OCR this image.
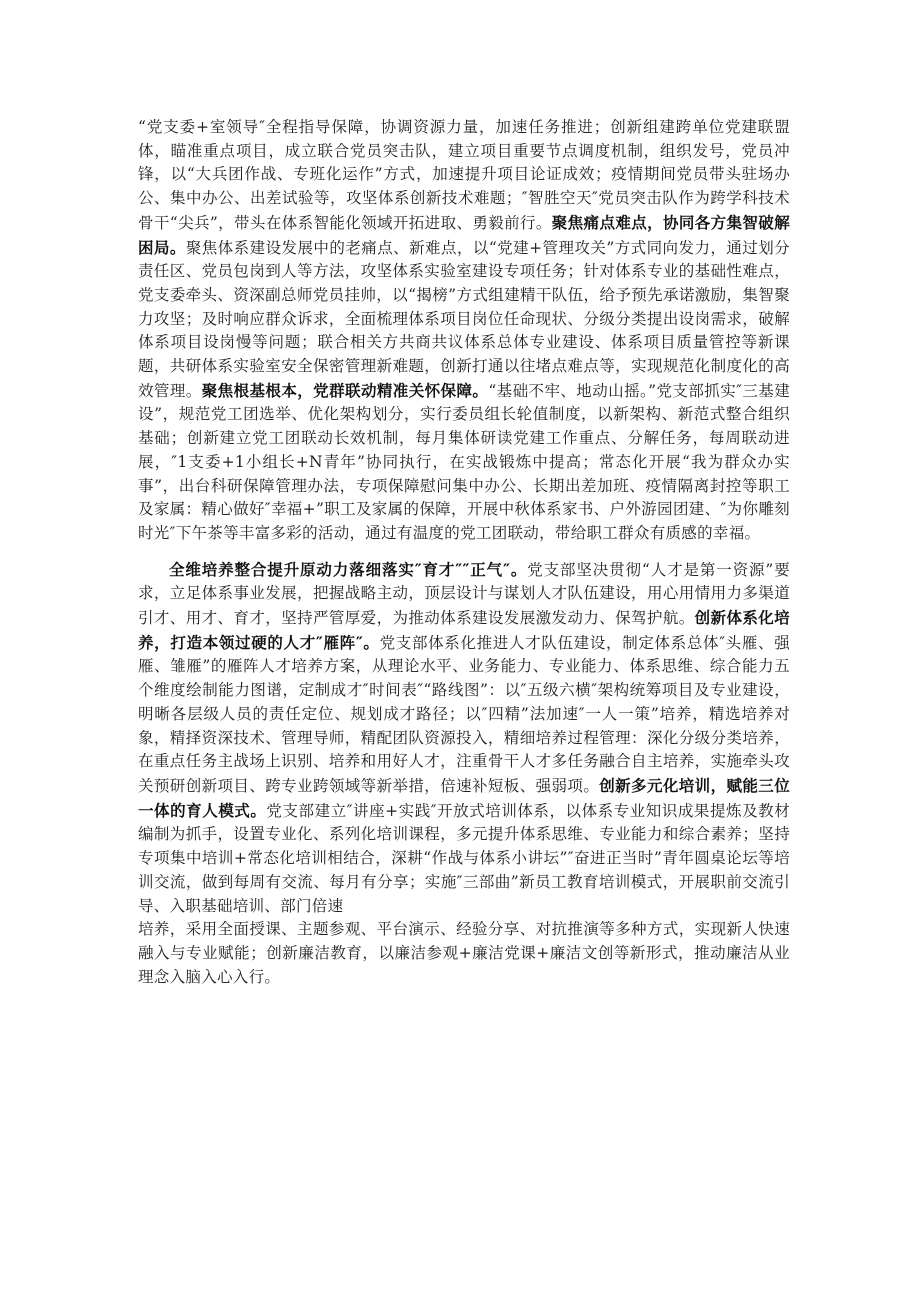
“党支委+室领导″全程指导保障，协调资源力量，加速任务推进；创新组建跨单位党建联盟体，瞄准重点项目，成立联合党员突击队，建立项目重要节点调度机制，组织发号，党员冲锋，以“大兵团作战、专班化运作”方式，加速提升项目论证成效；疫情期间党员带头驻场办公、集中办公、出差试验等，攻坚体系创新技术难题；″智胜空天″党员突击队作为跨学科技术骨干“尖兵”，带头在体系智能化领域开拓进取、勇毅前行。聚焦痛点难点，协同各方集智破解困局。聚焦体系建设发展中的老痛点、新难点，以“党建+管理攻关”方式同向发力，通过划分责任区、党员包岗到人等方法，攻坚体系实验室建设专项任务；针对体系专业的基础性难点，党支委牵头、资深副总师党员挂帅，以“揭榜”方式组建精干队伍，给予预先承诺激励，集智聚力攻坚；及时响应群众诉求，全面梳理体系项目岗位任命现状、分级分类提出设岗需求，破解体系项目设岗慢等问题；联合相关方共商共议体系总体专业建设、体系项目质量管控等新课题，共研体系实验室安全保密管理新难题，创新打通以往堵点难点等，实现规范化制度化的高效管理。聚焦根基根本，党群联动精准关怀保障。“基础不牢、地动山摇。”党支部抓实″三基建设”，规范党工团选举、优化架构划分，实行委员组长轮值制度，以新架构、新范式整合组织基础；创新建立党工团联动长效机制，每月集体研读党建工作重点、分解任务，每周联动进展，″1支委+1小组长+N青年”协同执行，在实战锻炼中提高；常态化开展“我为群众办实事”，出台科研保障管理办法，专项保障慰问集中办公、长期出差加班、疫情隔离封控等职工及家属：精心做好″幸福+”职工及家属的保障，开展中秋体系家书、户外游园团建、″为你雕刻时光″下午茶等丰富多彩的活动，通过有温度的党工团联动，带给职工群众有质感的幸福。

全维培养整合提升原动力落细落实″育才″″正气″。党支部坚决贯彻“人才是第一资源”要求，立足体系事业发展，把握战略主动，顶层设计与谋划人才队伍建设，用心用情用力多渠道引才、用才、育才，坚持严管厚爱，为推动体系建设发展激发动力、保驾护航。创新体系化培养，打造本领过硬的人才″雁阵″。党支部体系化推进人才队伍建设，制定体系总体″头雁、强雁、雏雁”的雁阵人才培养方案，从理论水平、业务能力、专业能力、体系思维、综合能力五个维度绘制能力图谱，定制成才″时间表″“路线图”：以″五级六横″架构统筹项目及专业建设，明晰各层级人员的责任定位、规划成才路径；以″四精”法加速″一人一策”培养，精选培养对象，精择资深技术、管理导师，精配团队资源投入，精细培养过程管理：深化分级分类培养，在重点任务主战场上识别、培养和用好人才，注重骨干人才多任务融合自主培养，实施牵头攻关预研创新项目、跨专业跨领域等新举措，倍速补短板、强弱项。创新多元化培训，赋能三位一体的育人模式。党支部建立″讲座+实践″开放式培训体系，以体系专业知识成果提炼及教材编制为抓手，设置专业化、系列化培训课程，多元提升体系思维、专业能力和综合素养；坚持专项集中培训+常态化培训相结合，深耕“作战与体系小讲坛”″奋进正当时”青年圆桌论坛等培训交流，做到每周有交流、每月有分享；实施″三部曲”新员工教育培训模式，开展职前交流引导、入职基础培训、部门倍速

培养，采用全面授课、主题参观、平台演示、经验分享、对抗推演等多种方式，实现新人快速融入与专业赋能；创新廉洁教育，以廉洁参观+廉洁党课+廉洁文创等新形式，推动廉洁从业理念入脑入心入行。
